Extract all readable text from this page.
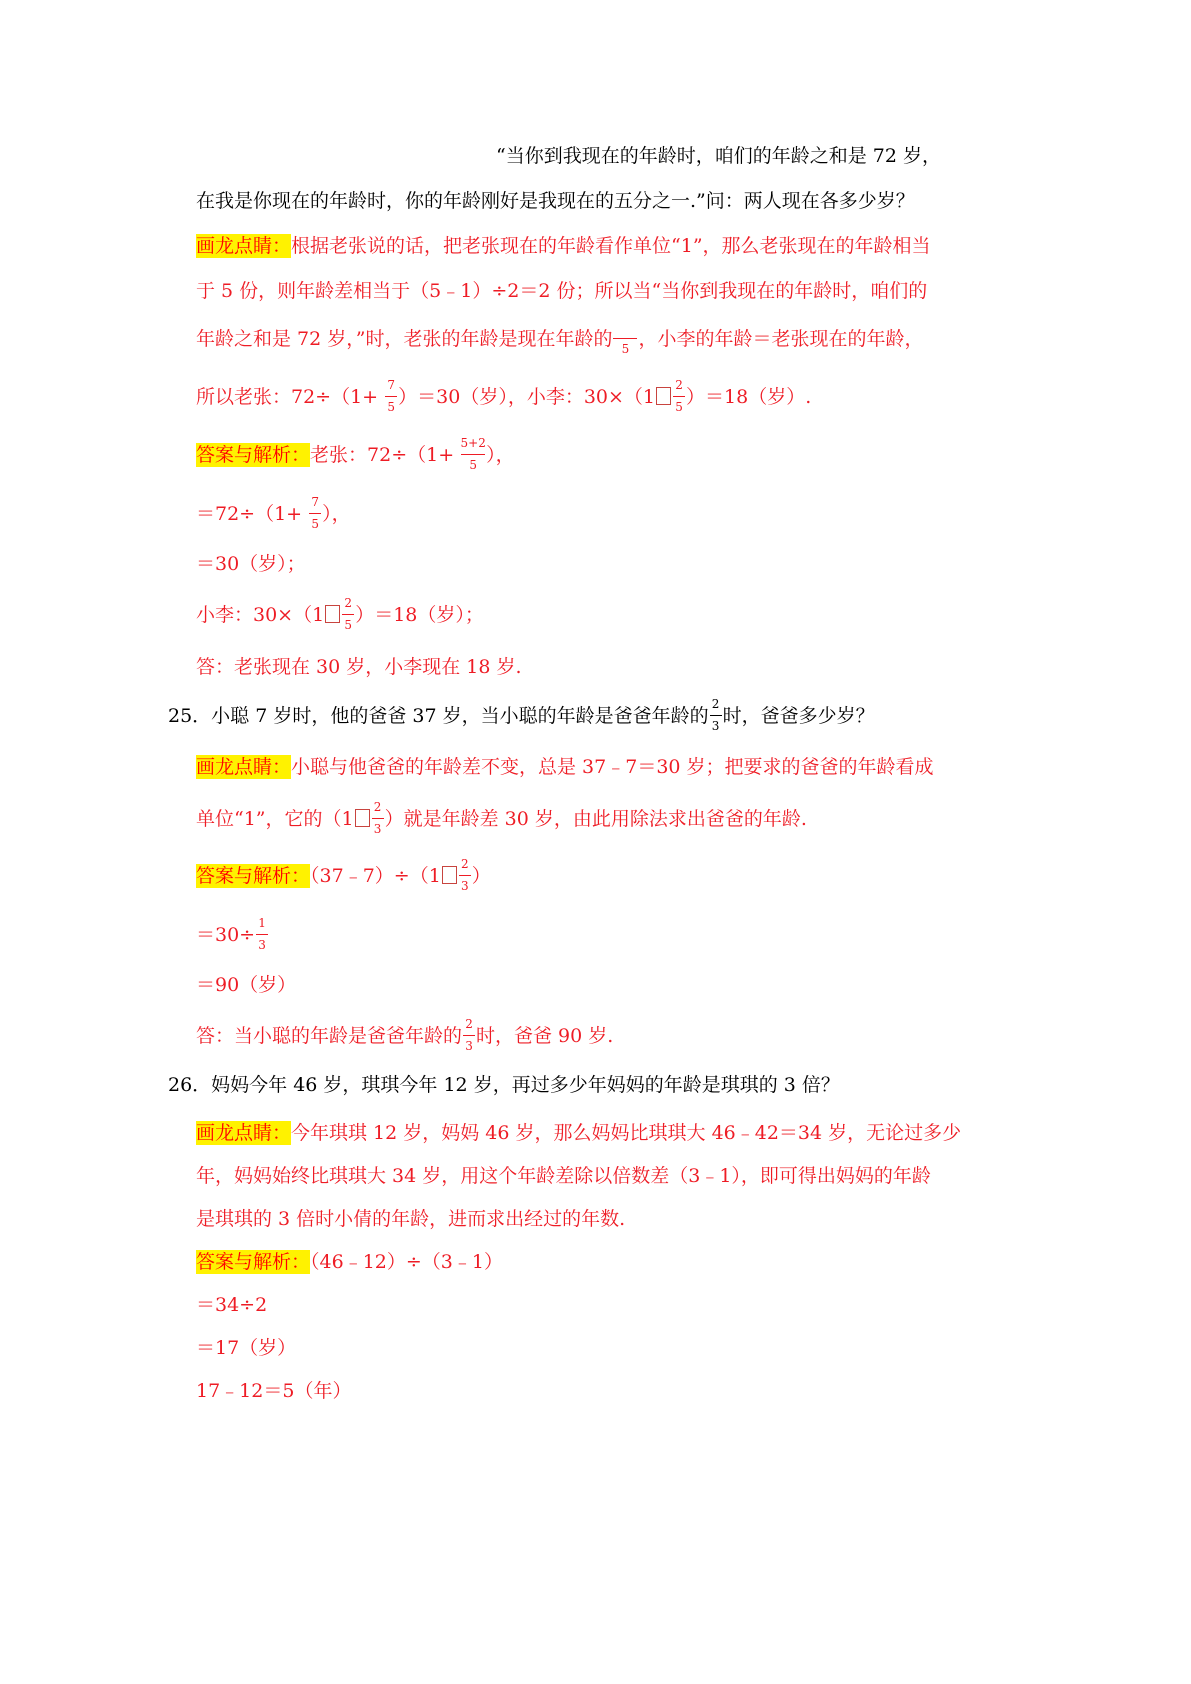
“当你到我现在的年龄时，咱们的年龄之和是 72 岁，
在我是你现在的年龄时，你的年龄刚好是我现在的五分之一.”问：两人现在各多少岁？
画龙点睛：根据老张说的话，把老张现在的年龄看作单位“1”，那么老张现在的年龄相当
于 5 份，则年龄差相当于（5﹣1）÷2＝2 份；所以当“当你到我现在的年龄时，咱们的
年龄之和是 72 岁，”时，老张的年龄是现在年龄的 5 ，小李的年龄＝老张现在的年龄，
所以老张：$72\div(1+ \frac{7}{5} )=30$（岁），小李：$30\times(1 \frac{2}{5} )=18$（岁）.
答案与解析：老张：$72\div(1+ \frac{5+2}{5}$ ），
$=72\div(1+ \frac{7}{5}$ ），
＝30（岁）；
小李：$30\times(1 \frac{2}{5} )=18$（岁）；
答：老张现在 30 岁，小李现在 18 岁.
25．小聪 7 岁时，他的爸爸 37 岁，当小聪的年龄是爸爸年龄的 $\frac{2}{3}$ 时，爸爸多少岁？
画龙点睛：小聪与他爸爸的年龄差不变，总是 37﹣7＝30 岁；把要求的爸爸的年龄看成
单位“1”，它的（$1 \frac{2}{3}$ ）就是年龄差 30 岁，由此用除法求出爸爸的年龄.
答案与解析：（37﹣7）÷（1 $\frac{2}{3}$ ）
$=30\div \frac{1}{3}$
＝90（岁）
答：当小聪的年龄是爸爸年龄的 $\frac{2}{3}$ 时，爸爸 90 岁.
26．妈妈今年 46 岁，琪琪今年 12 岁，再过多少年妈妈的年龄是琪琪的 3 倍？
画龙点睛：今年琪琪 12 岁，妈妈 46 岁，那么妈妈比琪琪大 46﹣42＝34 岁，无论过多少
年，妈妈始终比琪琪大 34 岁，用这个年龄差除以倍数差（3﹣1），即可得出妈妈的年龄
是琪琪的 3 倍时小倩的年龄，进而求出经过的年数.
答案与解析：（46﹣12）÷（3﹣1）
＝34÷2
＝17（岁）
17﹣12＝5（年）
